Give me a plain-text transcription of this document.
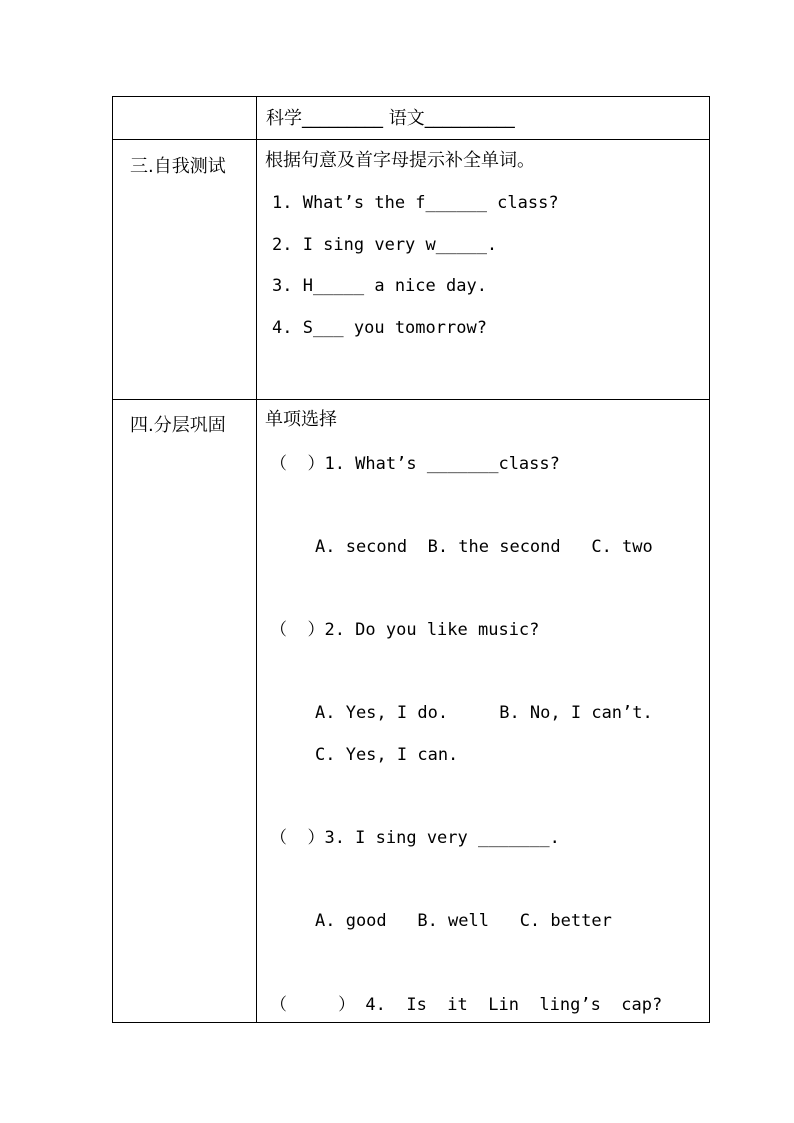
科学_________ 语文__________
三.自我测试 根据句意及首字母提示补全单词。
1. What’s the f______ class?
2. I sing very w_____.
3. H_____ a nice day.
4. S___ you tomorrow?
四.分层巩固 单项选择
（  ）1. What’s _______class?
A. second  B. the second   C. two
（  ）2. Do you like music?
A. Yes, I do.     B. No, I can’t.
C. Yes, I can.
（  ）3. I sing very _______.
A. good   B. well   C. better
（     ） 4.  Is  it  Lin  ling’s  cap?
